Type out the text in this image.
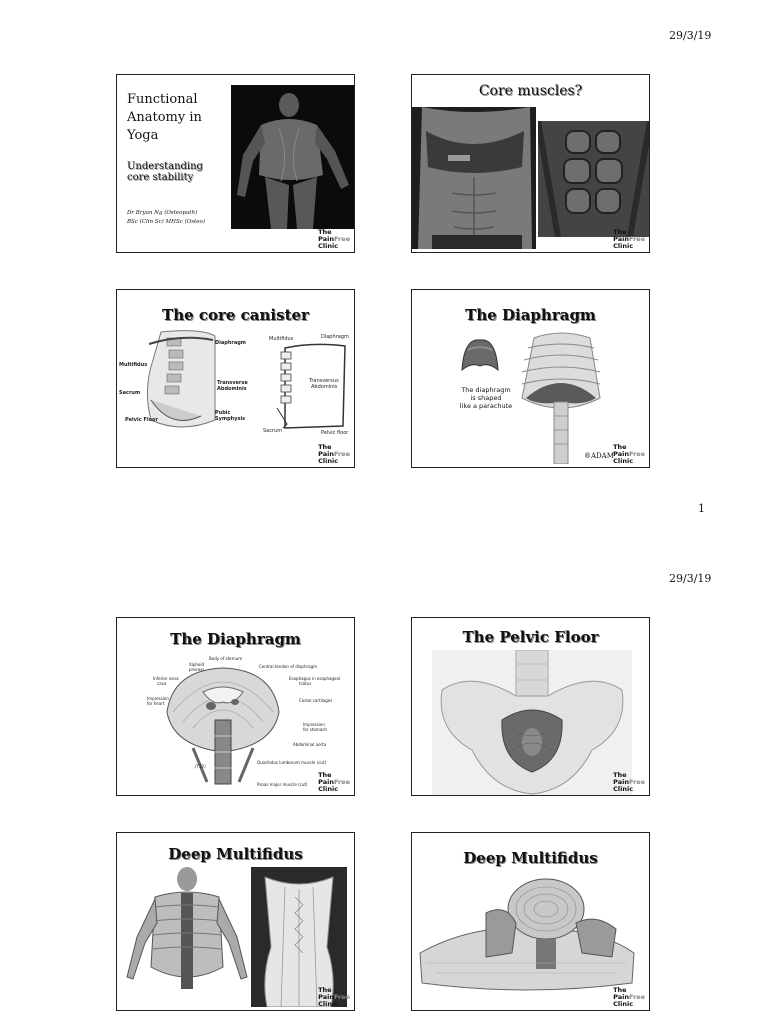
29/3/19
Functional
Anatomy in
Yoga
Understanding
core stability
Dr Bryan Ng (Osteopath)
BSc (Clin Sc) MHSc (Osteo)
The
PainFree
Clinic
Core muscles?
The
PainFree
Clinic
The core canister
Diaphragm
Multifidus
Sacrum
Transverse
Abdominis
Pubic
Symphysis
Pelvic Floor
Multifidus	Diaphragm
Transversus
Abdominis
Sacrum	Pelvic floor
The
PainFree
Clinic
The Diaphragm
The diaphragm
is shaped
like a parachute
®ADAM
The
PainFree
Clinic
1
29/3/19
The Diaphragm
Body of sternum
Xiphoid
process
Central tendon of diaphragm
Esophagus in esophageal
hiatus
Inferior vena
cava
Impression
for heart
Costal cartilages
Impression
for stomach
Abdominal aorta
Quadratus lumborum muscle (cut)
Psoas major muscle (cut)
(T12)
The
PainFree
Clinic
The Pelvic Floor
The
PainFree
Clinic
Deep Multifidus
The
PainFree
Clinic
Deep Multifidus
The
PainFree
Clinic
